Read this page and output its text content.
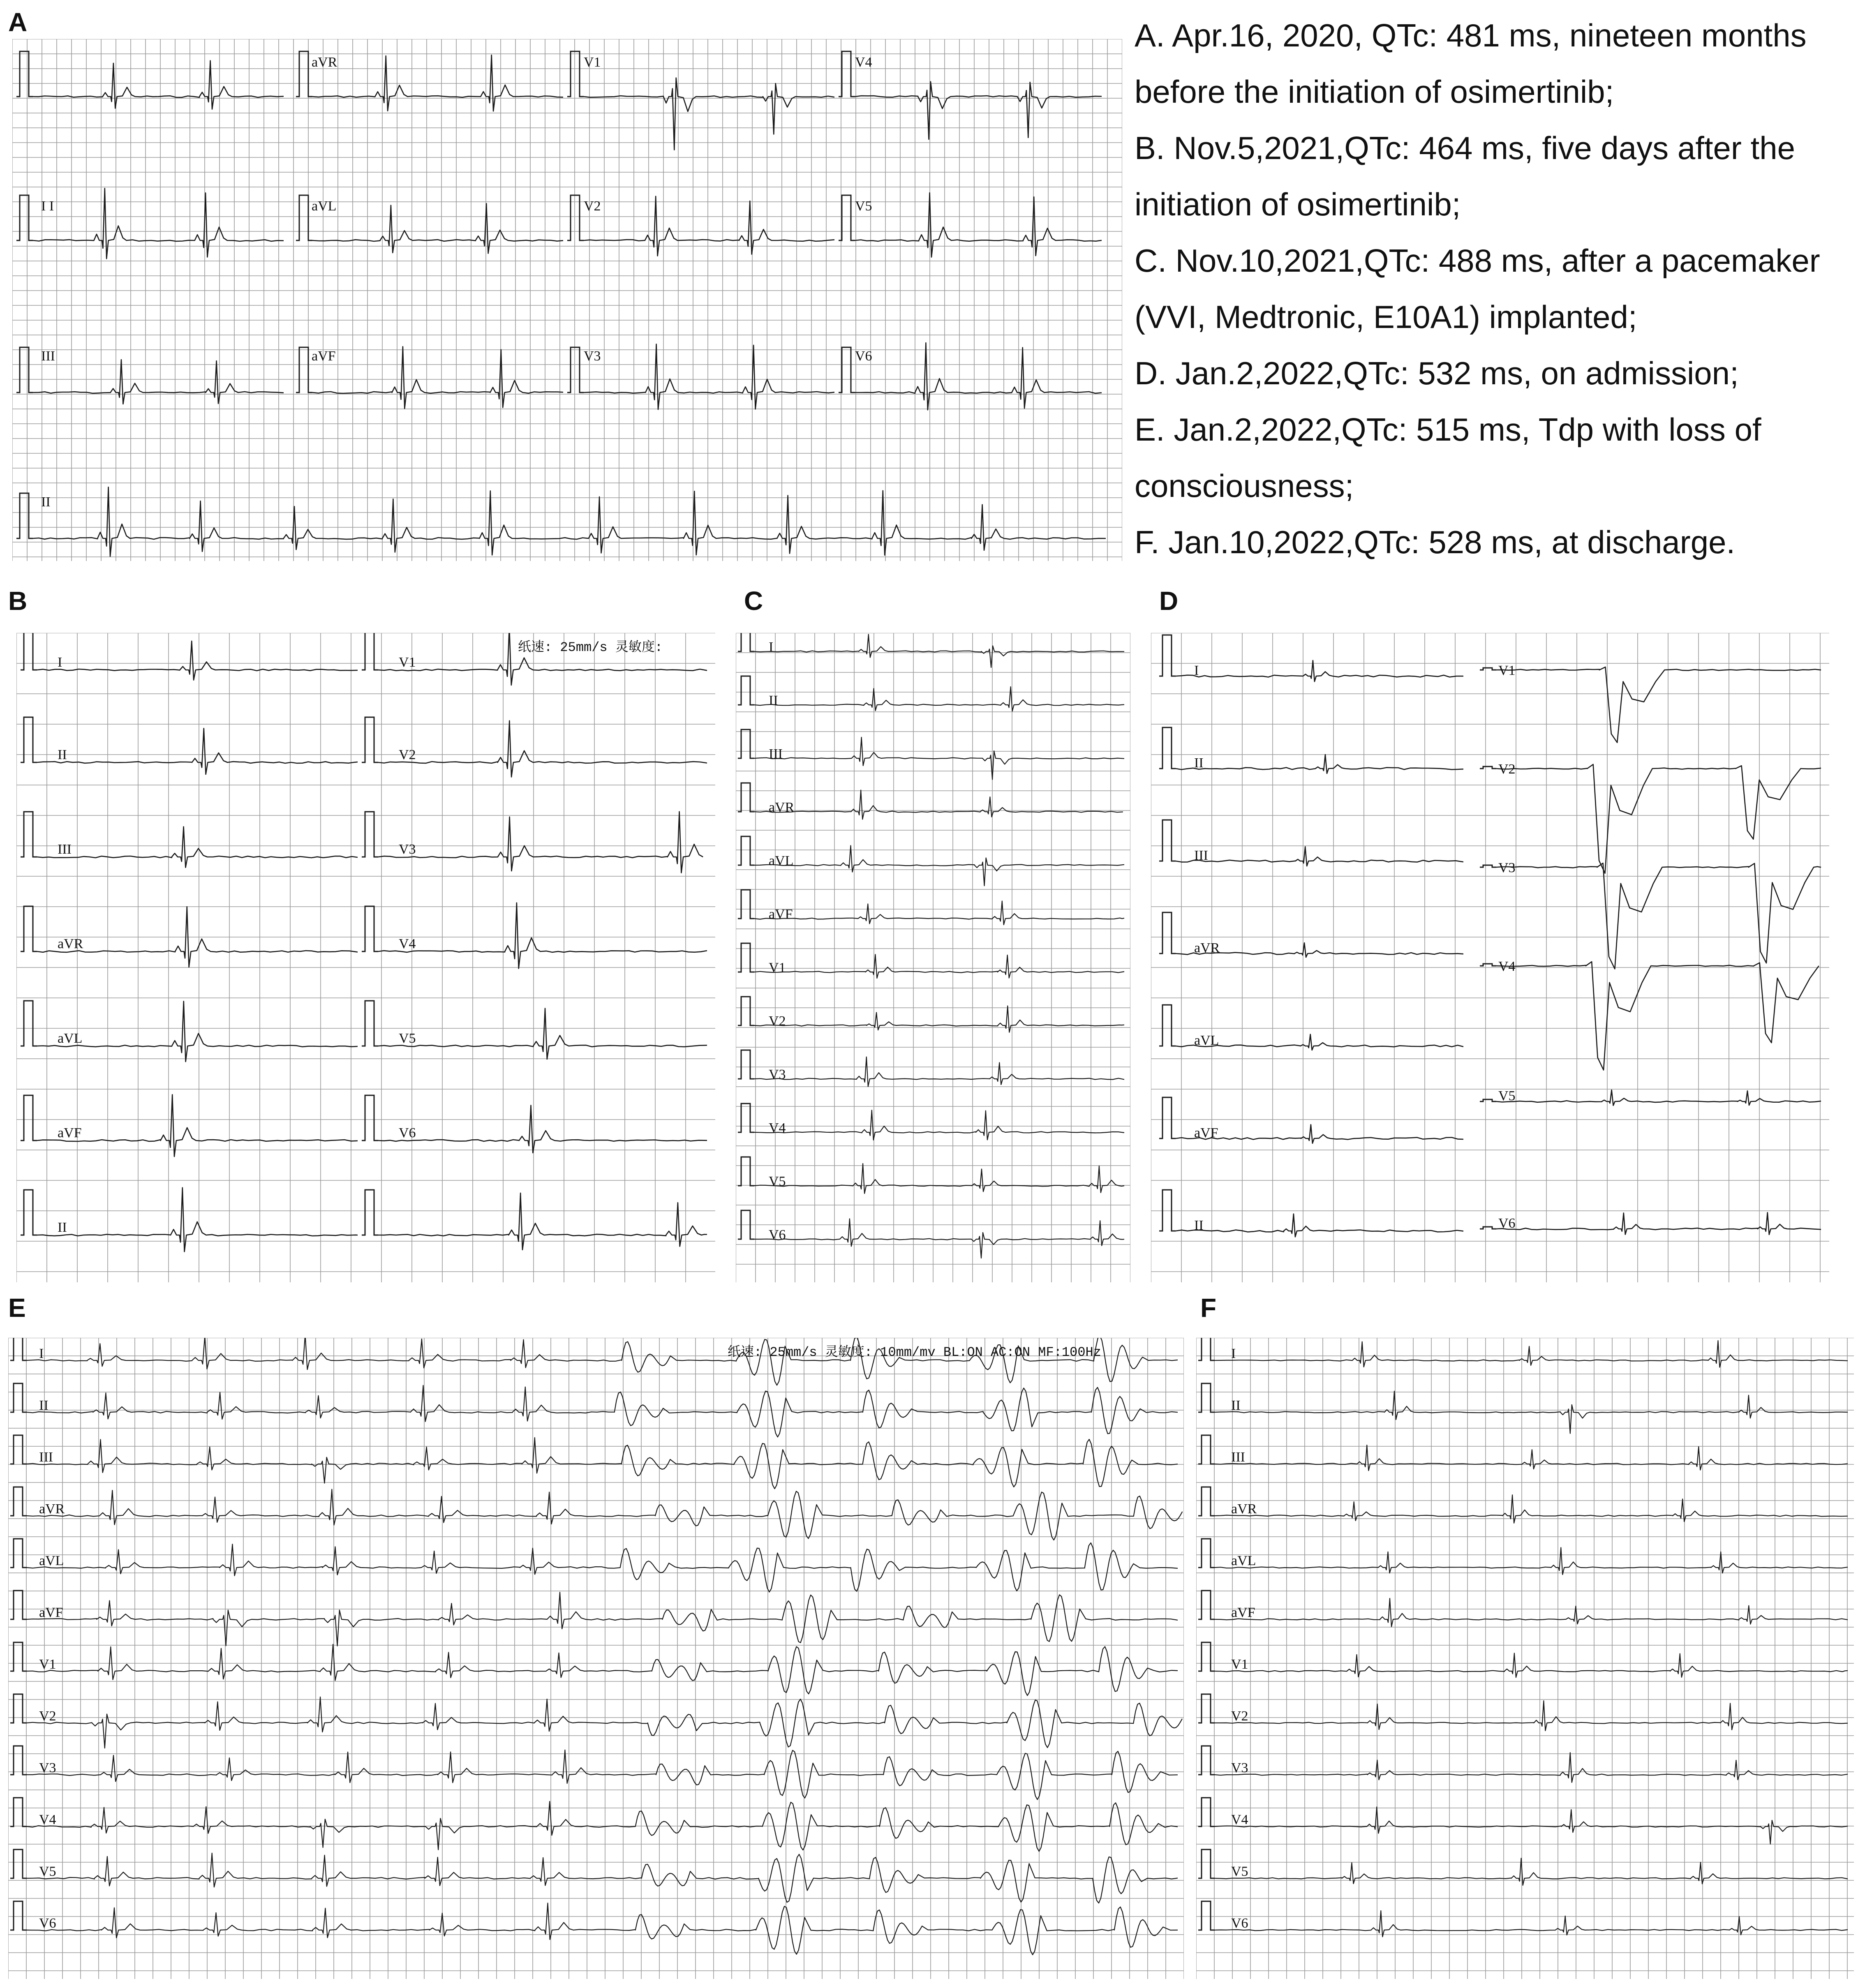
A
B	C	D
E	F
aVR	V1	V4
I I	aVL	V2	V5
III	aVF	V3	V6
II
A. Apr.16, 2020, QTc: 481 ms, nineteen months
before the initiation of osimertinib;
B. Nov.5,2021,QTc: 464 ms, five days after the
initiation of osimertinib;
C. Nov.10,2021,QTc: 488 ms, after a pacemaker
(VVI, Medtronic, E10A1) implanted;
D. Jan.2,2022,QTc: 532 ms, on admission;
E. Jan.2,2022,QTc: 515 ms, Tdp with loss of
consciousness;
F. Jan.10,2022,QTc: 528 ms, at discharge.
纸速: 25mm/s 灵敏度:
I
II
III
aVR
aVL
aVF
II
V1
V2
V3
V4
V5
V6
I
II
III
aVR
aVL
aVF
V1
V2
V3
V4
V5
V6
I
II
III
aVR
aVL
aVF
II
V1
V2
V3
V4
V5
V6
纸速: 25mm/s 灵敏度: 10mm/mv BL:ON AC:ON MF:100Hz
I
II
III
aVR
aVL
aVF
V1
V2
V3
V4
V5
V6
I
II
III
aVR
aVL
aVF
V1
V2
V3
V4
V5
V6
